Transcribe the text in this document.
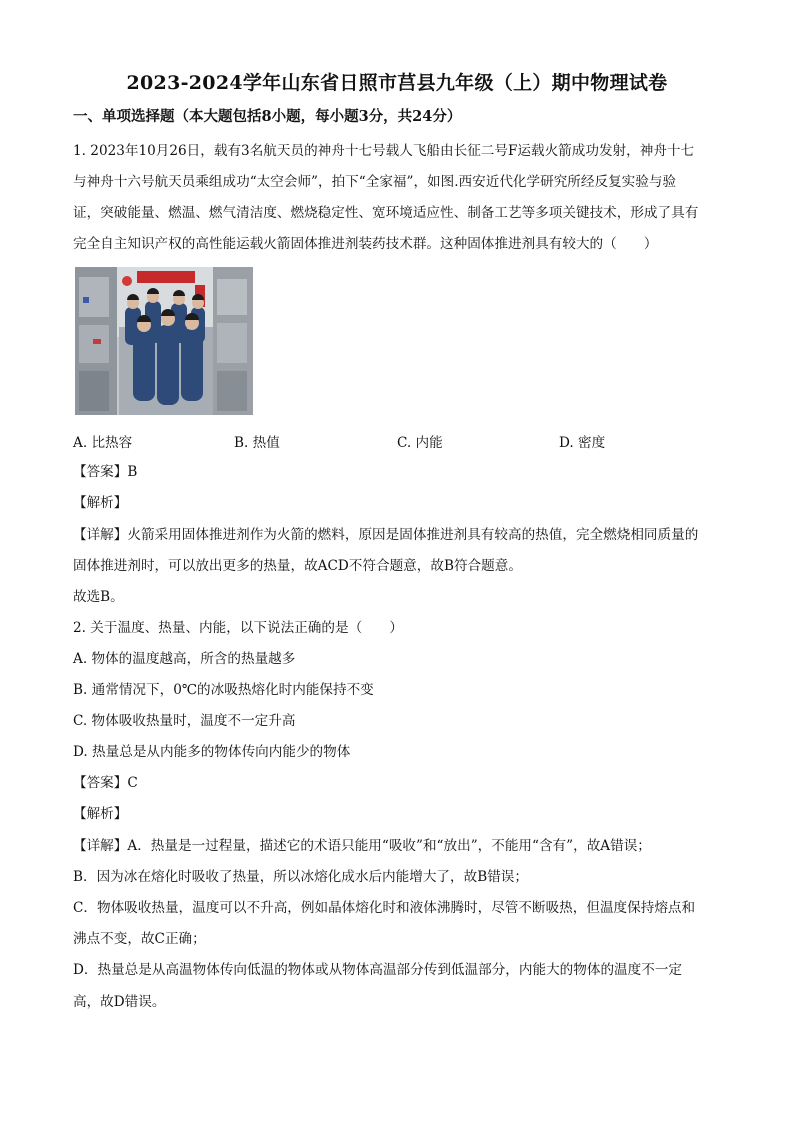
2023-2024学年山东省日照市莒县九年级（上）期中物理试卷
一、单项选择题（本大题包括8小题，每小题3分，共24分）
1. 2023年10月26日，载有3名航天员的神舟十七号载人飞船由长征二号F运载火箭成功发射，神舟十七
与神舟十六号航天员乘组成功“太空会师”，拍下“全家福”，如图.西安近代化学研究所经反复实验与验
证，突破能量、燃温、燃气清洁度、燃烧稳定性、宽环境适应性、制备工艺等多项关键技术，形成了具有
完全自主知识产权的高性能运载火箭固体推进剂装药技术群。这种固体推进剂具有较大的（　　）
A. 比热容	B. 热值	C. 内能	D. 密度
【答案】B
【解析】
【详解】火箭采用固体推进剂作为火箭的燃料，原因是固体推进剂具有较高的热值，完全燃烧相同质量的
固体推进剂时，可以放出更多的热量，故ACD不符合题意，故B符合题意。
故选B。
2. 关于温度、热量、内能，以下说法正确的是（　　）
A. 物体的温度越高，所含的热量越多
B. 通常情况下，0℃的冰吸热熔化时内能保持不变
C. 物体吸收热量时，温度不一定升高
D. 热量总是从内能多的物体传向内能少的物体
【答案】C
【解析】
【详解】A．热量是一过程量，描述它的术语只能用“吸收”和“放出”，不能用“含有”，故A错误；
B．因为冰在熔化时吸收了热量，所以冰熔化成水后内能增大了，故B错误；
C．物体吸收热量，温度可以不升高，例如晶体熔化时和液体沸腾时，尽管不断吸热，但温度保持熔点和
沸点不变，故C正确；
D．热量总是从高温物体传向低温的物体或从物体高温部分传到低温部分，内能大的物体的温度不一定
高，故D错误。
